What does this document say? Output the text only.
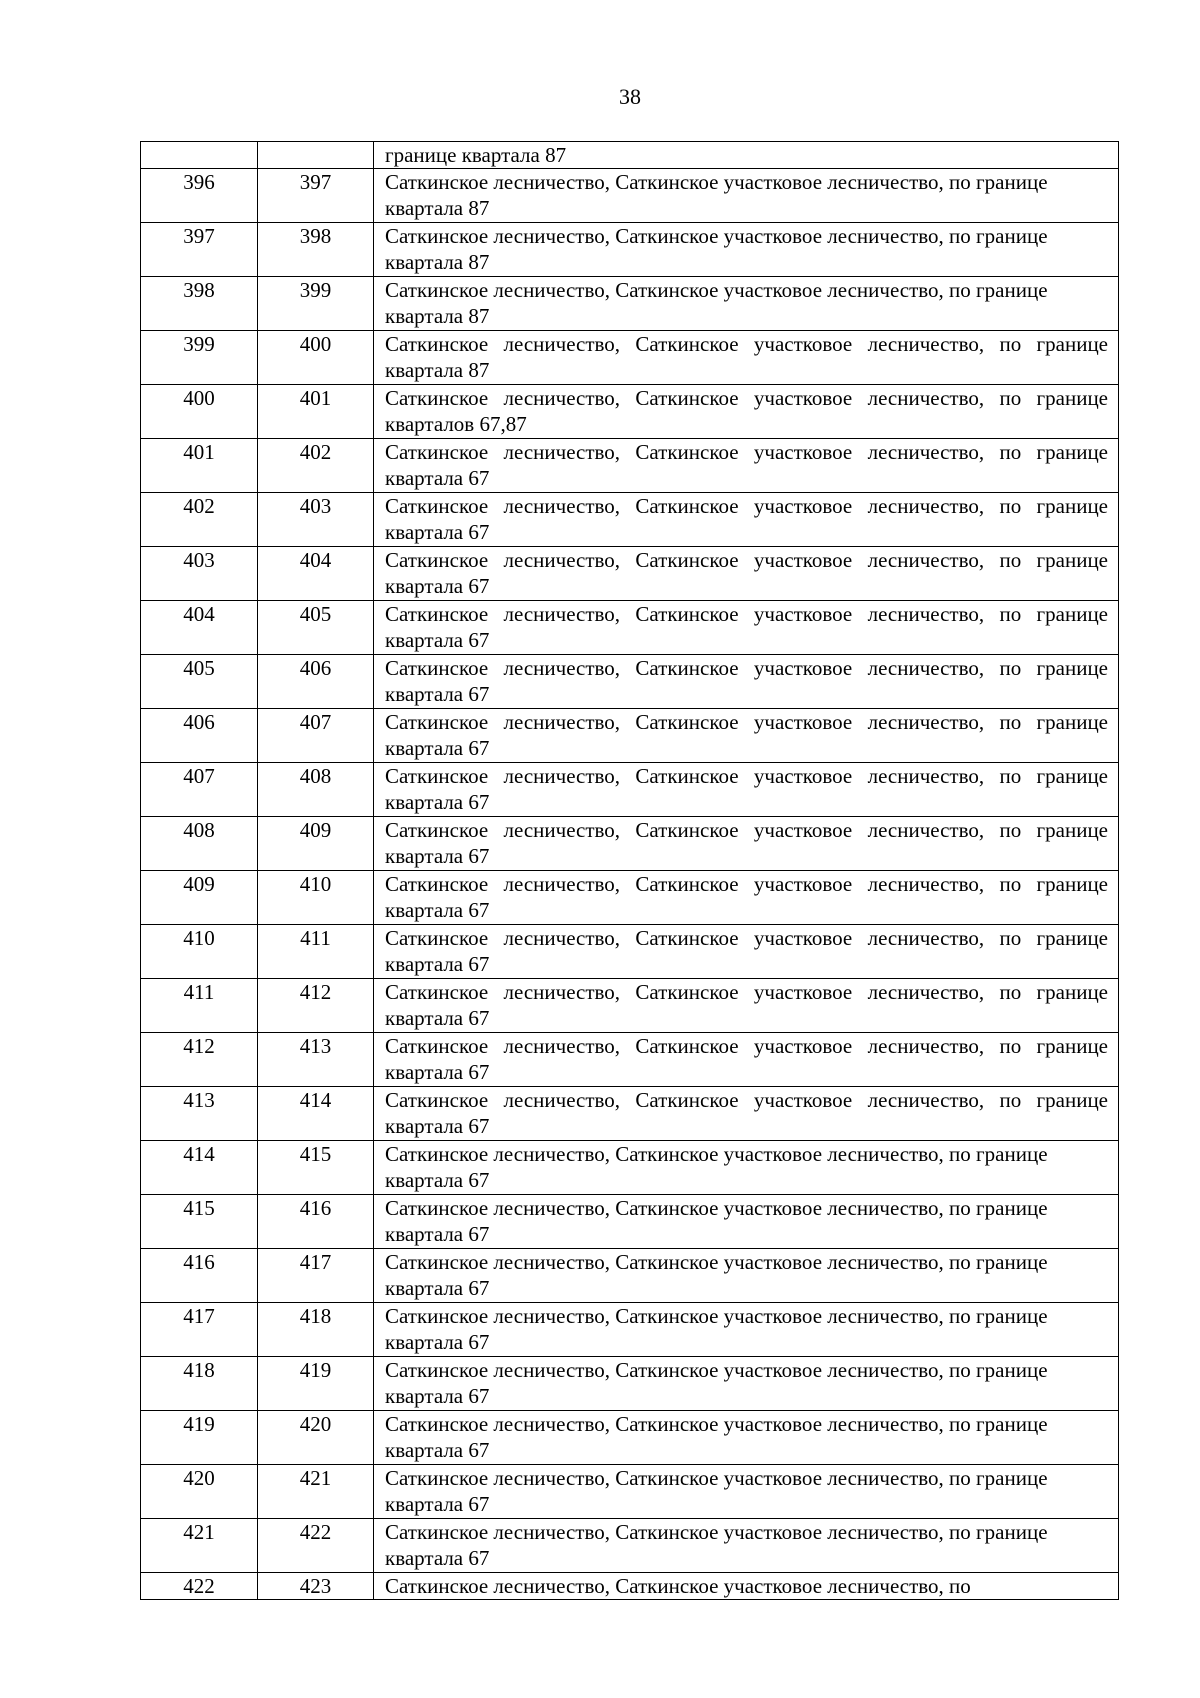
38
		границе квартала 87
396	397	Саткинское лесничество, Саткинское участковое лесничество, по границе квартала 87
397	398	Саткинское лесничество, Саткинское участковое лесничество, по границе квартала 87
398	399	Саткинское лесничество, Саткинское участковое лесничество, по границе квартала 87
399	400	Саткинское лесничество, Саткинское участковое лесничество, по границе квартала 87
400	401	Саткинское лесничество, Саткинское участковое лесничество, по границе кварталов 67,87
401	402	Саткинское лесничество, Саткинское участковое лесничество, по границе квартала 67
402	403	Саткинское лесничество, Саткинское участковое лесничество, по границе квартала 67
403	404	Саткинское лесничество, Саткинское участковое лесничество, по границе квартала 67
404	405	Саткинское лесничество, Саткинское участковое лесничество, по границе квартала 67
405	406	Саткинское лесничество, Саткинское участковое лесничество, по границе квартала 67
406	407	Саткинское лесничество, Саткинское участковое лесничество, по границе квартала 67
407	408	Саткинское лесничество, Саткинское участковое лесничество, по границе квартала 67
408	409	Саткинское лесничество, Саткинское участковое лесничество, по границе квартала 67
409	410	Саткинское лесничество, Саткинское участковое лесничество, по границе квартала 67
410	411	Саткинское лесничество, Саткинское участковое лесничество, по границе квартала 67
411	412	Саткинское лесничество, Саткинское участковое лесничество, по границе квартала 67
412	413	Саткинское лесничество, Саткинское участковое лесничество, по границе квартала 67
413	414	Саткинское лесничество, Саткинское участковое лесничество, по границе квартала 67
414	415	Саткинское лесничество, Саткинское участковое лесничество, по границе квартала 67
415	416	Саткинское лесничество, Саткинское участковое лесничество, по границе квартала 67
416	417	Саткинское лесничество, Саткинское участковое лесничество, по границе квартала 67
417	418	Саткинское лесничество, Саткинское участковое лесничество, по границе квартала 67
418	419	Саткинское лесничество, Саткинское участковое лесничество, по границе квартала 67
419	420	Саткинское лесничество, Саткинское участковое лесничество, по границе квартала 67
420	421	Саткинское лесничество, Саткинское участковое лесничество, по границе квартала 67
421	422	Саткинское лесничество, Саткинское участковое лесничество, по границе квартала 67
422	423	Саткинское лесничество, Саткинское участковое лесничество, по
